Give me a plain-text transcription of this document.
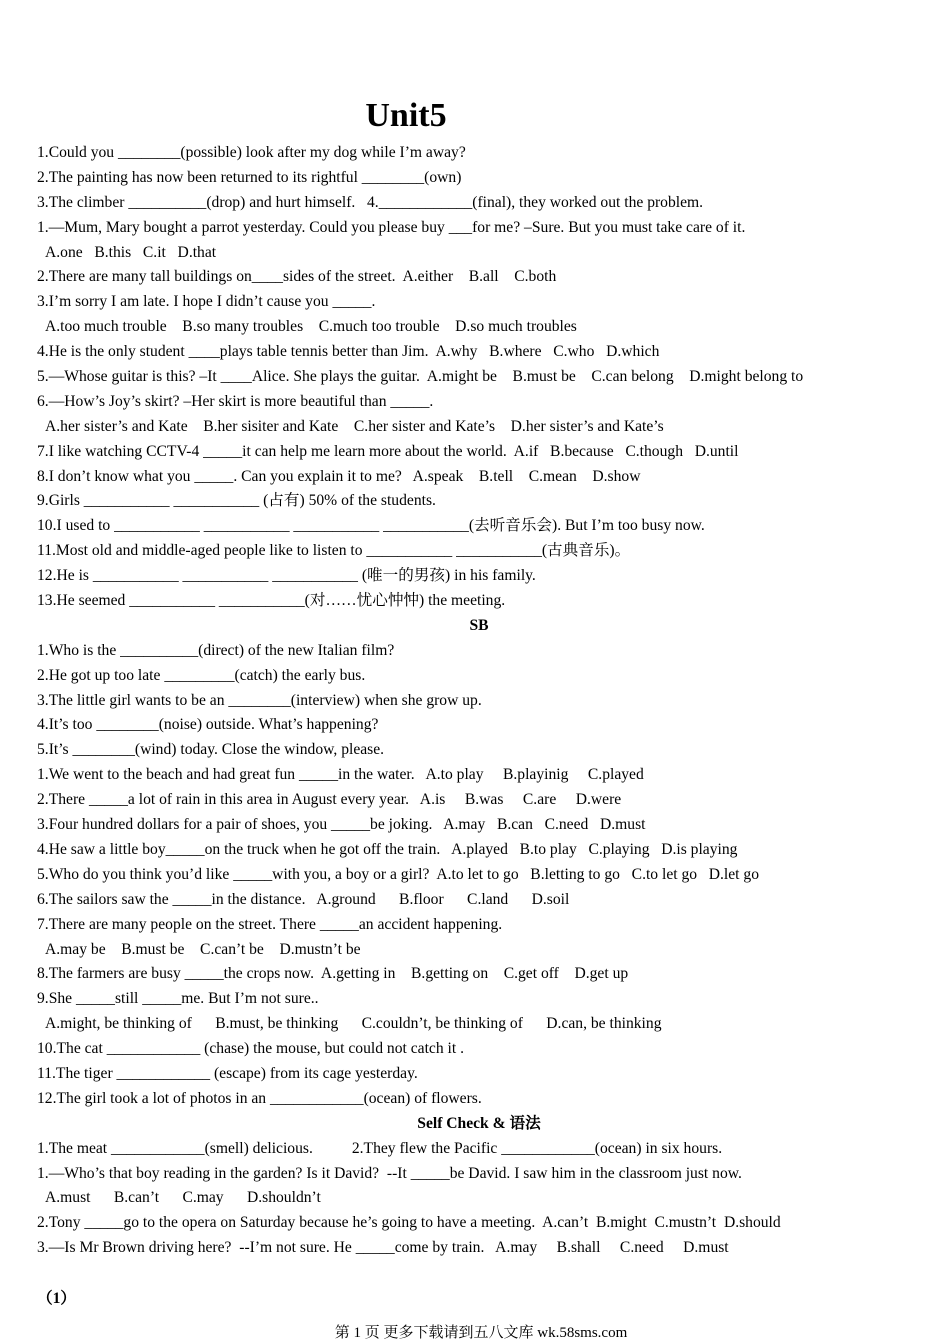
Unit5
1.Could you ________(possible) look after my dog while I’m away?
2.The painting has now been returned to its rightful ________(own)
3.The climber __________(drop) and hurt himself.   4.____________(final), they worked out the problem.
1.—Mum, Mary bought a parrot yesterday. Could you please buy ___for me? –Sure. But you must take care of it.
A.one   B.this   C.it   D.that
2.There are many tall buildings on____sides of the street.  A.either    B.all    C.both
3.I’m sorry I am late. I hope I didn’t cause you _____.
A.too much trouble    B.so many troubles    C.much too trouble    D.so much troubles
4.He is the only student ____plays table tennis better than Jim.  A.why   B.where   C.who   D.which
5.—Whose guitar is this? –It ____Alice. She plays the guitar.  A.might be    B.must be    C.can belong    D.might belong to
6.—How’s Joy’s skirt? –Her skirt is more beautiful than _____.
A.her sister’s and Kate    B.her sisiter and Kate    C.her sister and Kate’s    D.her sister’s and Kate’s
7.I like watching CCTV-4 _____it can help me learn more about the world.  A.if   B.because   C.though   D.until
8.I don’t know what you _____. Can you explain it to me?   A.speak    B.tell    C.mean    D.show
9.Girls ___________ ___________ (占有) 50% of the students.
10.I used to ___________ ___________ ___________ ___________(去听音乐会). But I’m too busy now.
11.Most old and middle-aged people like to listen to ___________ ___________(古典音乐)。
12.He is ___________ ___________ ___________ (唯一的男孩) in his family.
13.He seemed ___________ ___________(对……忧心忡忡) the meeting.
SB
1.Who is the __________(direct) of the new Italian film?
2.He got up too late _________(catch) the early bus.
3.The little girl wants to be an ________(interview) when she grow up.
4.It’s too ________(noise) outside. What’s happening?
5.It’s ________(wind) today. Close the window, please.
1.We went to the beach and had great fun _____in the water.   A.to play     B.playinig     C.played
2.There _____a lot of rain in this area in August every year.   A.is     B.was     C.are     D.were
3.Four hundred dollars for a pair of shoes, you _____be joking.   A.may   B.can   C.need   D.must
4.He saw a little boy_____on the truck when he got off the train.   A.played   B.to play   C.playing   D.is playing
5.Who do you think you’d like _____with you, a boy or a girl?  A.to let to go   B.letting to go   C.to let go   D.let go
6.The sailors saw the _____in the distance.   A.ground      B.floor      C.land      D.soil
7.There are many people on the street. There _____an accident happening.
A.may be    B.must be    C.can’t be    D.mustn’t be
8.The farmers are busy _____the crops now.  A.getting in    B.getting on    C.get off    D.get up
9.She _____still _____me. But I’m not sure..
A.might, be thinking of      B.must, be thinking      C.couldn’t, be thinking of      D.can, be thinking
10.The cat ____________ (chase) the mouse, but could not catch it .
11.The tiger ____________ (escape) from its cage yesterday.
12.The girl took a lot of photos in an ____________(ocean) of flowers.
Self Check & 语法
1.The meat ____________(smell) delicious.          2.They flew the Pacific ____________(ocean) in six hours.
1.—Who’s that boy reading in the garden? Is it David?  --It _____be David. I saw him in the classroom just now.
A.must      B.can’t      C.may      D.shouldn’t
2.Tony _____go to the opera on Saturday because he’s going to have a meeting.  A.can’t  B.might  C.mustn’t  D.should
3.—Is Mr Brown driving here?  --I’m not sure. He _____come by train.   A.may     B.shall     C.need     D.must
（1）
第 1 页 更多下载请到五八文库 wk.58sms.com
